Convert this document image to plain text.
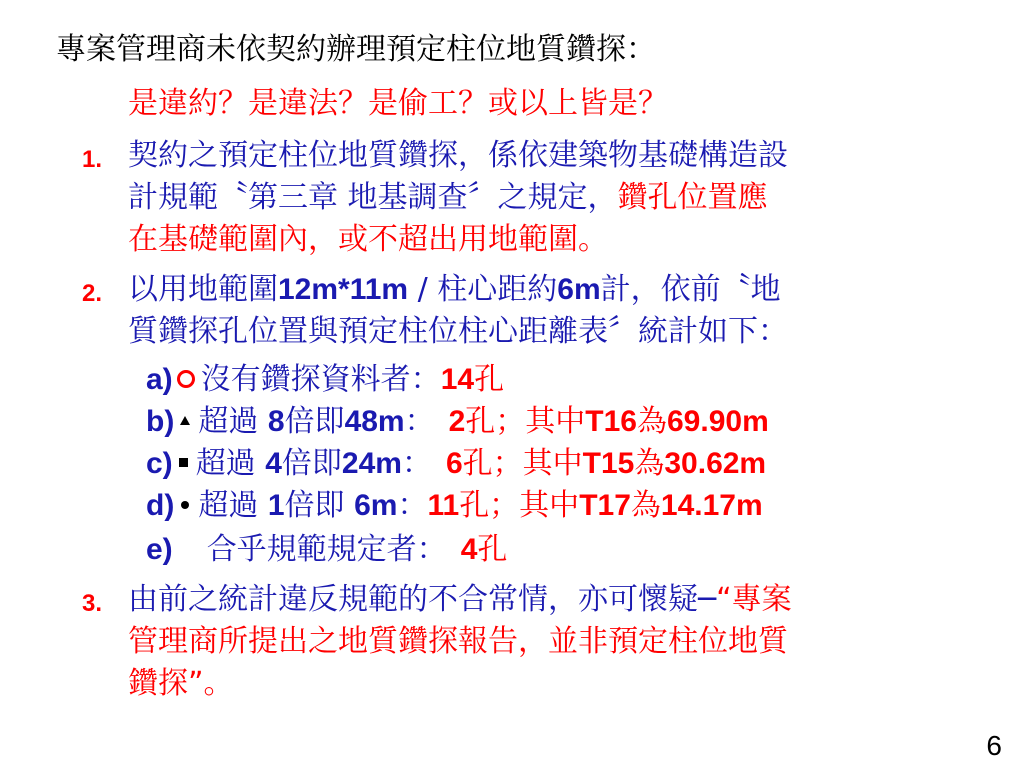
專案管理商未依契約辦理預定柱位地質鑽探：
是違約？是違法？是偷工？或以上皆是？
1. 契約之預定柱位地質鑽探，係依建築物基礎構造設
計規範〝第三章 地基調查〞之規定，鑽孔位置應
在基礎範圍內，或不超出用地範圍。
2. 以用地範圍12m*11m / 柱心距約6m計，依前〝地
質鑽探孔位置與預定柱位柱心距離表〞統計如下：
a) 沒有鑽探資料者：14孔
b) 超過 8倍即48m： 2孔；其中T16為69.90m
c) 超過 4倍即24m： 6孔；其中T15為30.62m
d) 超過 1倍即 6m：11孔；其中T17為14.17m
e) 合乎規範規定者： 4孔
3. 由前之統計違反規範的不合常情，亦可懷疑─“專案
管理商所提出之地質鑽探報告，並非預定柱位地質
鑽探”。
6
